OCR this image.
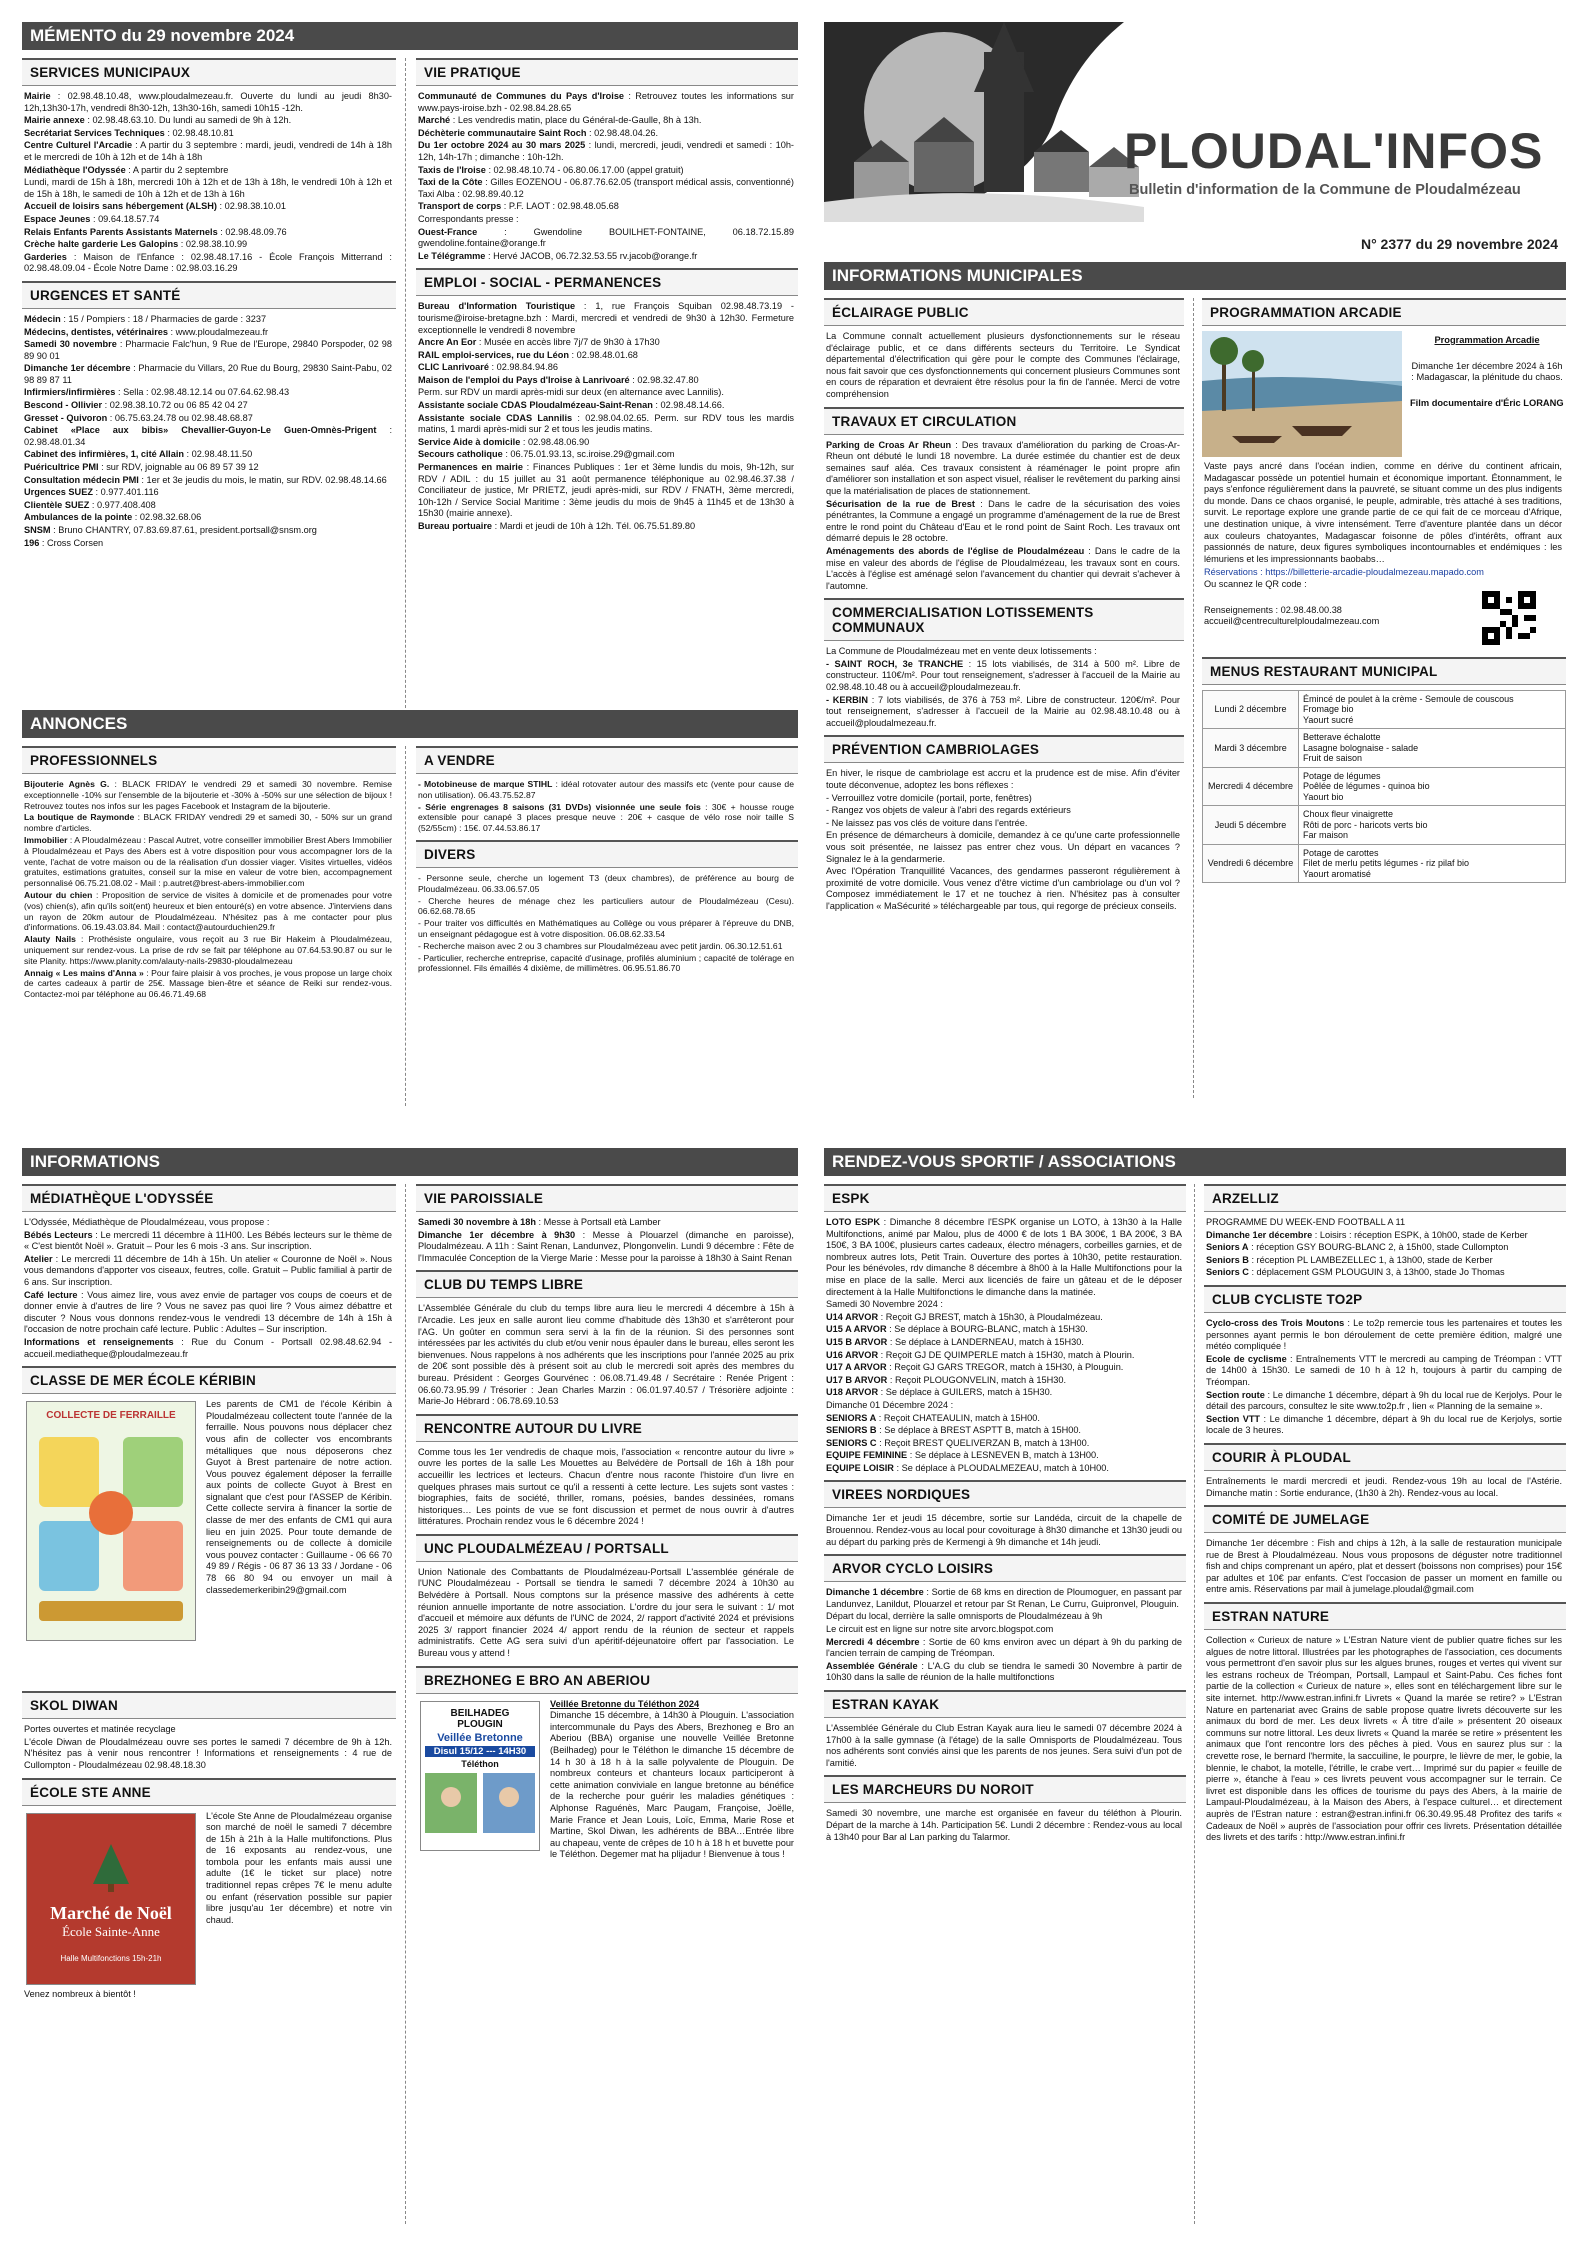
MÉMENTO du 29 novembre 2024
SERVICES MUNICIPAUX

Mairie : 02.98.48.10.48, www.ploudalmezeau.fr. Ouverte du lundi au jeudi 8h30-12h,13h30-17h, vendredi 8h30-12h, 13h30-16h, samedi 10h15 -12h.

Mairie annexe : 02.98.48.63.10. Du lundi au samedi de 9h à 12h.

Secrétariat Services Techniques : 02.98.48.10.81

Centre Culturel l'Arcadie : A partir du 3 septembre : mardi, jeudi, vendredi de 14h à 18h et le mercredi de 10h à 12h et de 14h à 18h

Médiathèque l'Odyssée : A partir du 2 septembre

Lundi, mardi de 15h à 18h, mercredi 10h à 12h et de 13h à 18h, le vendredi 10h à 12h et de 15h à 18h, le samedi de 10h à 12h et de 13h à 16h

Accueil de loisirs sans hébergement (ALSH) : 02.98.38.10.01

Espace Jeunes : 09.64.18.57.74

Relais Enfants Parents Assistants Maternels : 02.98.48.09.76

Crèche halte garderie Les Galopins : 02.98.38.10.99

Garderies : Maison de l'Enfance : 02.98.48.17.16 - École François Mitterrand : 02.98.48.09.04 - École Notre Dame : 02.98.03.16.29

URGENCES ET SANTÉ

Médecin : 15 / Pompiers : 18 / Pharmacies de garde : 3237

Médecins, dentistes, vétérinaires : www.ploudalmezeau.fr

Samedi 30 novembre : Pharmacie Falc'hun, 9 Rue de l'Europe, 29840 Porspoder, 02 98 89 90 01

Dimanche 1er décembre : Pharmacie du Villars, 20 Rue du Bourg, 29830 Saint-Pabu, 02 98 89 87 11

Infirmiers/infirmières : Sella : 02.98.48.12.14 ou 07.64.62.98.43

Bescond - Ollivier : 02.98.38.10.72 ou 06 85 42 04 27

Gresset - Quivoron : 06.75.63.24.78 ou 02.98.48.68.87

Cabinet «Place aux bibis» Chevallier-Guyon-Le Guen-Omnès-Prigent : 02.98.48.01.34

Cabinet des infirmières, 1, cité Allain : 02.98.48.11.50

Puéricultrice PMI : sur RDV, joignable au 06 89 57 39 12

Consultation médecin PMI : 1er et 3e jeudis du mois, le matin, sur RDV. 02.98.48.14.66

Urgences SUEZ : 0.977.401.116

Clientèle SUEZ : 0.977.408.408

Ambulances de la pointe : 02.98.32.68.06

SNSM : Bruno CHANTRY, 07.83.69.87.61, president.portsall@snsm.org

196 : Cross Corsen

VIE PRATIQUE

Communauté de Communes du Pays d'Iroise : Retrouvez toutes les informations sur www.pays-iroise.bzh - 02.98.84.28.65

Marché : Les vendredis matin, place du Général-de-Gaulle, 8h à 13h.

Déchèterie communautaire Saint Roch : 02.98.48.04.26.

Du 1er octobre 2024 au 30 mars 2025 : lundi, mercredi, jeudi, vendredi et samedi : 10h-12h, 14h-17h ; dimanche : 10h-12h.

Taxis de l'Iroise : 02.98.48.10.74 - 06.80.06.17.00 (appel gratuit)

Taxi de la Côte : Gilles EOZENOU - 06.87.76.62.05 (transport médical assis, conventionné) Taxi Alba : 02.98.89.40.12

Transport de corps : P.F. LAOT : 02.98.48.05.68

Correspondants presse :

Ouest-France : Gwendoline BOUILHET-FONTAINE, 06.18.72.15.89 gwendoline.fontaine@orange.fr

Le Télégramme : Hervé JACOB, 06.72.32.53.55 rv.jacob@orange.fr

EMPLOI - SOCIAL - PERMANENCES

Bureau d'Information Touristique : 1, rue François Squiban 02.98.48.73.19 - tourisme@iroise-bretagne.bzh : Mardi, mercredi et vendredi de 9h30 à 12h30. Fermeture exceptionnelle le vendredi 8 novembre

Ancre An Eor : Musée en accès libre 7j/7 de 9h30 à 17h30

RAIL emploi-services, rue du Léon : 02.98.48.01.68

CLIC Lanrivoaré : 02.98.84.94.86

Maison de l'emploi du Pays d'Iroise à Lanrivoaré : 02.98.32.47.80

Perm. sur RDV un mardi après-midi sur deux (en alternance avec Lannilis).

Assistante sociale CDAS Ploudalmézeau-Saint-Renan : 02.98.48.14.66.

Assistante sociale CDAS Lannilis : 02.98.04.02.65. Perm. sur RDV tous les mardis matins, 1 mardi après-midi sur 2 et tous les jeudis matins.

Service Aide à domicile : 02.98.48.06.90

Secours catholique : 06.75.01.93.13, sc.iroise.29@gmail.com

Permanences en mairie : Finances Publiques : 1er et 3ème lundis du mois, 9h-12h, sur RDV / ADIL : du 15 juillet au 31 août permanence téléphonique au 02.98.46.37.38 / Conciliateur de justice, Mr PRIETZ, jeudi après-midi, sur RDV / FNATH, 3ème mercredi, 10h-12h / Service Social Maritime : 3ème jeudis du mois de 9h45 à 11h45 et de 13h30 à 15h30 (mairie annexe).

Bureau portuaire : Mardi et jeudi de 10h à 12h. Tél. 06.75.51.89.80

ANNONCES
PROFESSIONNELS

Bijouterie Agnès G. : BLACK FRIDAY le vendredi 29 et samedi 30 novembre. Remise exceptionnelle -10% sur l'ensemble de la bijouterie et -30% à -50% sur une sélection de bijoux ! Retrouvez toutes nos infos sur les pages Facebook et Instagram de la bijouterie.

La boutique de Raymonde : BLACK FRIDAY vendredi 29 et samedi 30, - 50% sur un grand nombre d'articles.

Immobilier : A Ploudalmézeau : Pascal Autret, votre conseiller immobilier Brest Abers Immobilier à Ploudalmézeau et Pays des Abers est à votre disposition pour vous accompagner lors de la vente, l'achat de votre maison ou de la réalisation d'un dossier viager. Visites virtuelles, vidéos gratuites, estimations gratuites, conseil sur la mise en valeur de votre bien, accompagnement personnalisé 06.75.21.08.02 - Mail : p.autret@brest-abers-immobilier.com

Autour du chien : Proposition de service de visites à domicile et de promenades pour votre (vos) chien(s), afin qu'ils soit(ent) heureux et bien entouré(s) en votre absence. J'interviens dans un rayon de 20km autour de Ploudalmézeau. N'hésitez pas à me contacter pour plus d'informations. 06.19.43.03.84. Mail : contact@autourduchien29.fr

Alauty Nails : Prothésiste ongulaire, vous reçoit au 3 rue Bir Hakeim à Ploudalmézeau, uniquement sur rendez-vous. La prise de rdv se fait par téléphone au 07.64.53.90.87 ou sur le site Planity. https://www.planity.com/alauty-nails-29830-ploudalmezeau

Annaig « Les mains d'Anna » : Pour faire plaisir à vos proches, je vous propose un large choix de cartes cadeaux à partir de 25€. Massage bien-être et séance de Reiki sur rendez-vous. Contactez-moi par téléphone au 06.46.71.49.68

A VENDRE

- Motobineuse de marque STIHL : idéal rotovater autour des massifs etc (vente pour cause de non utilisation). 06.43.75.52.87

- Série engrenages 8 saisons (31 DVDs) visionnée une seule fois : 30€ + housse rouge extensible pour canapé 3 places presque neuve : 20€ + casque de vélo rose noir taille S (52/55cm) : 15€. 07.44.53.86.17

DIVERS

- Personne seule, cherche un logement T3 (deux chambres), de préférence au bourg de Ploudalmézeau. 06.33.06.57.05

- Cherche heures de ménage chez les particuliers autour de Ploudalmézeau (Cesu). 06.62.68.78.65

- Pour traiter vos difficultés en Mathématiques au Collège ou vous préparer à l'épreuve du DNB, un enseignant pédagogue est à votre disposition. 06.08.62.33.54

- Recherche maison avec 2 ou 3 chambres sur Ploudalmézeau avec petit jardin. 06.30.12.51.61

- Particulier, recherche entreprise, capacité d'usinage, profilés aluminium ; capacité de tolérage en professionnel. Fils émaillés 4 dixième, de millimètres. 06.95.51.86.70

PLOUDAL'INFOS
Bulletin d'information de la Commune de Ploudalmézeau
N° 2377 du 29 novembre 2024
INFORMATIONS MUNICIPALES
ÉCLAIRAGE PUBLIC
La Commune connaît actuellement plusieurs dysfonctionnements sur le réseau d'éclairage public, et ce dans différents secteurs du Territoire. Le Syndicat départemental d'électrification qui gère pour le compte des Communes l'éclairage, nous fait savoir que ces dysfonctionnements qui concernent plusieurs Communes sont en cours de réparation et devraient être résolus pour la fin de l'année. Merci de votre compréhension
TRAVAUX ET CIRCULATION

Parking de Croas Ar Rheun : Des travaux d'amélioration du parking de Croas-Ar-Rheun ont débuté le lundi 18 novembre. La durée estimée du chantier est de deux semaines sauf aléa. Ces travaux consistent à réaménager le point propre afin d'améliorer son installation et son aspect visuel, réaliser le revêtement du parking ainsi que la matérialisation de places de stationnement.

Sécurisation de la rue de Brest : Dans le cadre de la sécurisation des voies pénétrantes, la Commune a engagé un programme d'aménagement de la rue de Brest entre le rond point du Château d'Eau et le rond point de Saint Roch. Les travaux ont démarré depuis le 28 octobre.

Aménagements des abords de l'église de Ploudalmézeau : Dans le cadre de la mise en valeur des abords de l'église de Ploudalmézeau, les travaux sont en cours. L'accès à l'église est aménagé selon l'avancement du chantier qui devrait s'achever à l'automne.

COMMERCIALISATION LOTISSEMENTS COMMUNAUX

La Commune de Ploudalmézeau met en vente deux lotissements :

- SAINT ROCH, 3e TRANCHE : 15 lots viabilisés, de 314 à 500 m². Libre de constructeur. 110€/m². Pour tout renseignement, s'adresser à l'accueil de la Mairie au 02.98.48.10.48 ou à accueil@ploudalmezeau.fr.

- KERBIN : 7 lots viabilisés, de 376 à 753 m². Libre de constructeur. 120€/m². Pour tout renseignement, s'adresser à l'accueil de la Mairie au 02.98.48.10.48 ou à accueil@ploudalmezeau.fr.

PRÉVENTION CAMBRIOLAGES

En hiver, le risque de cambriolage est accru et la prudence est de mise. Afin d'éviter toute déconvenue, adoptez les bons réflexes :

- Verrouillez votre domicile (portail, porte, fenêtres)

- Rangez vos objets de valeur à l'abri des regards extérieurs

- Ne laissez pas vos clés de voiture dans l'entrée.

En présence de démarcheurs à domicile, demandez à ce qu'une carte professionnelle vous soit présentée, ne laissez pas entrer chez vous. Un départ en vacances ? Signalez le à la gendarmerie.

Avec l'Opération Tranquillité Vacances, des gendarmes passeront régulièrement à proximité de votre domicile. Vous venez d'être victime d'un cambriolage ou d'un vol ? Composez immédiatement le 17 et ne touchez à rien. N'hésitez pas à consulter l'application « MaSécurité » téléchargeable par tous, qui regorge de précieux conseils.

PROGRAMMATION ARCADIE
Programmation Arcadie
Dimanche 1er décembre 2024 à 16h : Madagascar, la plénitude du chaos.
Film documentaire d'Éric LORANG
Vaste pays ancré dans l'océan indien, comme en dérive du continent africain, Madagascar possède un potentiel humain et économique important. Étonnamment, le pays s'enfonce régulièrement dans la pauvreté, se situant comme un des plus indigents du monde. Dans ce chaos organisé, le peuple, admirable, très attaché à ses traditions, survit. Le reportage explore une grande partie de ce qui fait de ce morceau d'Afrique, une destination unique, à vivre intensément. Terre d'aventure plantée dans un décor aux couleurs chatoyantes, Madagascar foisonne de pôles d'intérêts, offrant aux passionnés de nature, deux figures symboliques incontournables et endémiques : les lémuriens et les impressionnants baobabs…
Réservations : https://billetterie-arcadie-ploudalmezeau.mapado.com
Ou scannez le QR code :
Renseignements : 02.98.48.00.38
accueil@centreculturelploudalmezeau.com
MENUS RESTAURANT MUNICIPAL
Lundi 2 décembre	Émincé de poulet à la crème - Semoule de couscous
Fromage bio
Yaourt sucré
Mardi 3 décembre	Betterave échalotte
Lasagne bolognaise - salade
Fruit de saison
Mercredi 4 décembre	Potage de légumes
Poêlée de légumes - quinoa bio
Yaourt bio
Jeudi 5 décembre	Choux fleur vinaigrette
Rôti de porc - haricots verts bio
Far maison
Vendredi 6 décembre	Potage de carottes
Filet de merlu petits légumes - riz pilaf bio
Yaourt aromatisé
INFORMATIONS
MÉDIATHÈQUE L'ODYSSÉE

L'Odyssée, Médiathèque de Ploudalmézeau, vous propose :

Bébés Lecteurs : Le mercredi 11 décembre à 11H00. Les Bébés lecteurs sur le thème de « C'est bientôt Noël ». Gratuit – Pour les 6 mois -3 ans. Sur inscription.

Atelier : Le mercredi 11 décembre de 14h à 15h. Un atelier « Couronne de Noël ». Nous vous demandons d'apporter vos ciseaux, feutres, colle. Gratuit – Public familial à partir de 6 ans. Sur inscription.

Café lecture : Vous aimez lire, vous avez envie de partager vos coups de coeurs et de donner envie à d'autres de lire ? Vous ne savez pas quoi lire ? Vous aimez débattre et discuter ? Nous vous donnons rendez-vous le vendredi 13 décembre de 14h à 15h à l'occasion de notre prochain café lecture. Public : Adultes – Sur inscription.

Informations et renseignements : Rue du Conum - Portsall 02.98.48.62.94 - accueil.mediatheque@ploudalmezeau.fr

CLASSE DE MER ÉCOLE KÉRIBIN
COLLECTE DE FERRAILLE
Les parents de CM1 de l'école Kéribin à Ploudalmézeau collectent toute l'année de la ferraille. Nous pouvons nous déplacer chez vous afin de collecter vos encombrants métalliques que nous déposerons chez Guyot à Brest partenaire de notre action. Vous pouvez également déposer la ferraille aux points de collecte Guyot à Brest en signalant que c'est pour l'ASSEP de Kéribin. Cette collecte servira à financer la sortie de classe de mer des enfants de CM1 qui aura lieu en juin 2025. Pour toute demande de renseignements ou de collecte à domicile vous pouvez contacter : Guillaume - 06 66 70 49 89 / Régis - 06 87 36 13 33 / Jordane - 06 78 66 80 94 ou envoyer un mail à classedemerkeribin29@gmail.com
SKOL DIWAN

Portes ouvertes et matinée recyclage

L'école Diwan de Ploudalmézeau ouvre ses portes le samedi 7 décembre de 9h à 12h. N'hésitez pas à venir nous rencontrer ! Informations et renseignements : 4 rue de Cullompton - Ploudalmézeau 02.98.48.18.30

ÉCOLE STE ANNE
Marché de Noël
École Sainte-Anne
Halle Multifonctions 15h-21h
L'école Ste Anne de Ploudalmézeau organise son marché de noël le samedi 7 décembre de 15h à 21h à la Halle multifonctions. Plus de 16 exposants au rendez-vous, une tombola pour les enfants mais aussi une adulte (1€ le ticket sur place) notre traditionnel repas crêpes 7€ le menu adulte ou enfant (réservation possible sur papier libre jusqu'au 1er décembre) et notre vin chaud.
Venez nombreux à bientôt !
VIE PAROISSIALE

Samedi 30 novembre à 18h : Messe à Portsall età Lamber

Dimanche 1er décembre à 9h30 : Messe à Plouarzel (dimanche en paroisse), Ploudalmézeau. A 11h : Saint Renan, Landunvez, Plongonvelin. Lundi 9 décembre : Fête de l'Immaculée Conception de la Vierge Marie : Messe pour la paroisse à 18h30 à Saint Renan

CLUB DU TEMPS LIBRE
L'Assemblée Générale du club du temps libre aura lieu le mercredi 4 décembre à 15h à l'Arcadie. Les jeux en salle auront lieu comme d'habitude dès 13h30 et s'arrêteront pour l'AG. Un goûter en commun sera servi à la fin de la réunion. Si des personnes sont intéressées par les activités du club et/ou venir nous épauler dans le bureau, elles seront les bienvenues. Nous rappelons à nos adhérents que les inscriptions pour l'année 2025 au prix de 20€ sont possible dès à présent soit au club le mercredi soit après des membres du bureau. Président : Georges Gourvénec : 06.08.71.49.48 / Secrétaire : Renée Prigent : 06.60.73.95.99 / Trésorier : Jean Charles Marzin : 06.01.97.40.57 / Trésorière adjointe : Marie-Jo Hébrard : 06.78.69.10.53
RENCONTRE AUTOUR DU LIVRE
Comme tous les 1er vendredis de chaque mois, l'association « rencontre autour du livre » ouvre les portes de la salle Les Mouettes au Belvédère de Portsall de 16h à 18h pour accueillir les lectrices et lecteurs. Chacun d'entre nous raconte l'histoire d'un livre en quelques phrases mais surtout ce qu'il a ressenti à cette lecture. Les sujets sont vastes : biographies, faits de société, thriller, romans, poésies, bandes dessinées, romans historiques… Les points de vue se font discussion et permet de nous ouvrir à d'autres littératures. Prochain rendez vous le 6 décembre 2024 !
UNC PLOUDALMÉZEAU / PORTSALL
Union Nationale des Combattants de Ploudalmézeau-Portsall L'assemblée générale de l'UNC Ploudalmézeau - Portsall se tiendra le samedi 7 décembre 2024 à 10h30 au Belvédère à Portsall. Nous comptons sur la présence massive des adhérents à cette réunion annuelle importante de notre association. L'ordre du jour sera le suivant : 1/ mot d'accueil et mémoire aux défunts de l'UNC de 2024, 2/ rapport d'activité 2024 et prévisions 2025 3/ rapport financier 2024 4/ apport rendu de la réunion de secteur et rappels administratifs. Cette AG sera suivi d'un apéritif-déjeunatoire offert par l'association. Le Bureau vous y attend !
BREZHONEG E BRO AN ABERIOU
BEILHADEG
PLOUGIN
Veillée Bretonne
Disul 15/12 --- 14H30
Téléthon
Veillée Bretonne du Téléthon 2024
Dimanche 15 décembre, à 14h30 à Plouguin. L'association intercommunale du Pays des Abers, Brezhoneg e Bro an Aberiou (BBA) organise une nouvelle Veillée Bretonne (Beilhadeg) pour le Téléthon le dimanche 15 décembre de 14 h 30 à 18 h à la salle polyvalente de Plouguin. De nombreux conteurs et chanteurs locaux participeront à cette animation conviviale en langue bretonne au bénéfice de la recherche pour guérir les maladies génétiques : Alphonse Raguénès, Marc Paugam, Françoise, Joëlle, Marie France et Jean Louis, Loïc, Emma, Marie Rose et Martine, Skol Diwan, les adhérents de BBA…Entrée libre au chapeau, vente de crêpes de 10 h à 18 h et buvette pour le Téléthon. Degemer mat ha plijadur ! Bienvenue à tous !
RENDEZ-VOUS SPORTIF / ASSOCIATIONS
ESPK

LOTO ESPK : Dimanche 8 décembre l'ESPK organise un LOTO, à 13h30 à la Halle Multifonctions, animé par Malou, plus de 4000 € de lots 1 BA 300€, 1 BA 200€, 3 BA 150€, 3 BA 100€, plusieurs cartes cadeaux, électro ménagers, corbeilles garnies, et de nombreux autres lots, Petit Train. Ouverture des portes à 10h30, petite restauration. Pour les bénévoles, rdv dimanche 8 décembre à 8h00 à la Halle Multifonctions pour la mise en place de la salle. Merci aux licenciés de faire un gâteau et de le déposer directement à la Halle Multifonctions le dimanche dans la matinée.

Samedi 30 Novembre 2024 :

U14 ARVOR : Reçoit GJ BREST, match à 15h30, à Ploudalmézeau.

U15 A ARVOR : Se déplace à BOURG-BLANC, match à 15H30.

U15 B ARVOR : Se déplace à LANDERNEAU, match à 15H30.

U16 ARVOR : Reçoit GJ DE QUIMPERLE match à 15H30, match à Plourin.

U17 A ARVOR : Reçoit GJ GARS TREGOR, match à 15H30, à Plouguin.

U17 B ARVOR : Reçoit PLOUGONVELIN, match à 15H30.

U18 ARVOR : Se déplace à GUILERS, match à 15H30.

Dimanche 01 Décembre 2024 :

SENIORS A : Reçoit CHATEAULIN, match à 15H00.

SENIORS B : Se déplace à BREST ASPTT B, match à 15H00.

SENIORS C : Reçoit BREST QUELIVERZAN B, match à 13H00.

EQUIPE FEMININE : Se déplace à LESNEVEN B, match à 13H00.

EQUIPE LOISIR : Se déplace à PLOUDALMEZEAU, match à 10H00.

VIREES NORDIQUES
Dimanche 1er et jeudi 15 décembre, sortie sur Landéda, circuit de la chapelle de Brouennou. Rendez-vous au local pour covoiturage à 8h30 dimanche et 13h30 jeudi ou au départ du parking près de Kermengi à 9h dimanche et 14h jeudi.
ARVOR CYCLO LOISIRS

Dimanche 1 décembre : Sortie de 68 kms en direction de Ploumoguer, en passant par Landunvez, Lanildut, Plouarzel et retour par St Renan, Le Curru, Guipronvel, Plouguin.

Départ du local, derrière la salle omnisports de Ploudalmézeau à 9h

Le circuit est en ligne sur notre site arvorc.blogspot.com

Mercredi 4 décembre : Sortie de 60 kms environ avec un départ à 9h du parking de l'ancien terrain de camping de Tréompan.

Assemblée Générale : L'A.G du club se tiendra le samedi 30 Novembre à partir de 10h30 dans la salle de réunion de la halle multifonctions

ESTRAN KAYAK
L'Assemblée Générale du Club Estran Kayak aura lieu le samedi 07 décembre 2024 à 17h00 à la salle gymnase (à l'étage) de la salle Omnisports de Ploudalmézeau. Tous nos adhérents sont conviés ainsi que les parents de nos jeunes. Sera suivi d'un pot de l'amitié.
LES MARCHEURS DU NOROIT
Samedi 30 novembre, une marche est organisée en faveur du téléthon à Plourin. Départ de la marche à 14h. Participation 5€. Lundi 2 décembre : Rendez-vous au local à 13h40 pour Bar al Lan parking du Talarmor.
ARZELLIZ

PROGRAMME DU WEEK-END FOOTBALL A 11

Dimanche 1er décembre : Loisirs : réception ESPK, à 10h00, stade de Kerber

Seniors A : réception GSY BOURG-BLANC 2, à 15h00, stade Cullompton

Seniors B : réception PL LAMBEZELLEC 1, à 13h00, stade de Kerber

Seniors C : déplacement GSM PLOUGUIN 3, à 13h00, stade Jo Thomas

CLUB CYCLISTE TO2P

Cyclo-cross des Trois Moutons : Le to2p remercie tous les partenaires et toutes les personnes ayant permis le bon déroulement de cette première édition, malgré une météo compliquée !

Ecole de cyclisme : Entraînements VTT le mercredi au camping de Tréompan : VTT de 14h00 à 15h30. Le samedi de 10 h à 12 h, toujours à partir du camping de Tréompan.

Section route : Le dimanche 1 décembre, départ à 9h du local rue de Kerjolys. Pour le détail des parcours, consultez le site www.to2p.fr , lien « Planning de la semaine ».

Section VTT : Le dimanche 1 décembre, départ à 9h du local rue de Kerjolys, sortie locale de 3 heures.

COURIR À PLOUDAL
Entraînements le mardi mercredi et jeudi. Rendez-vous 19h au local de l'Astérie. Dimanche matin : Sortie endurance, (1h30 à 2h). Rendez-vous au local.
COMITÉ DE JUMELAGE
Dimanche 1er décembre : Fish and chips à 12h, à la salle de restauration municipale rue de Brest à Ploudalmézeau. Nous vous proposons de déguster notre traditionnel fish and chips comprenant un apéro, plat et dessert (boissons non comprises) pour 15€ par adultes et 10€ par enfants. C'est l'occasion de passer un moment en famille ou entre amis. Réservations par mail à jumelage.ploudal@gmail.com
ESTRAN NATURE
Collection « Curieux de nature » L'Estran Nature vient de publier quatre fiches sur les algues de notre littoral. Illustrées par les photographes de l'association, ces documents vous permettront d'en savoir plus sur les algues brunes, rouges et vertes qui vivent sur les estrans rocheux de Tréompan, Portsall, Lampaul et Saint-Pabu. Ces fiches font partie de la collection « Curieux de nature », elles sont en téléchargement libre sur le site internet. http://www.estran.infini.fr Livrets « Quand la marée se retire? » L'Estran Nature en partenariat avec Grains de sable propose quatre livrets découverte sur les animaux du bord de mer. Les deux livrets « À titre d'aile » présentent 20 oiseaux communs sur notre littoral. Les deux livrets « Quand la marée se retire » présentent les animaux que l'ont rencontre lors des pêches à pied. Vous en saurez plus sur : la crevette rose, le bernard l'hermite, la saccuiline, le pourpre, le lièvre de mer, le gobie, la blennie, le chabot, la motelle, l'étrille, le crabe vert… Imprimé sur du papier « feuille de pierre », étanche à l'eau » ces livrets peuvent vous accompagner sur le terrain. Ce livret est disponible dans les offices de tourisme du pays des Abers, à la mairie de Lampaul-Ploudalmézeau, à la Maison des Abers, à l'espace culturel… et directement auprès de l'Estran nature : estran@estran.infini.fr 06.30.49.95.48 Profitez des tarifs « Cadeaux de Noël » auprès de l'association pour offrir ces livrets. Présentation détaillée des livrets et des tarifs : http://www.estran.infini.fr
